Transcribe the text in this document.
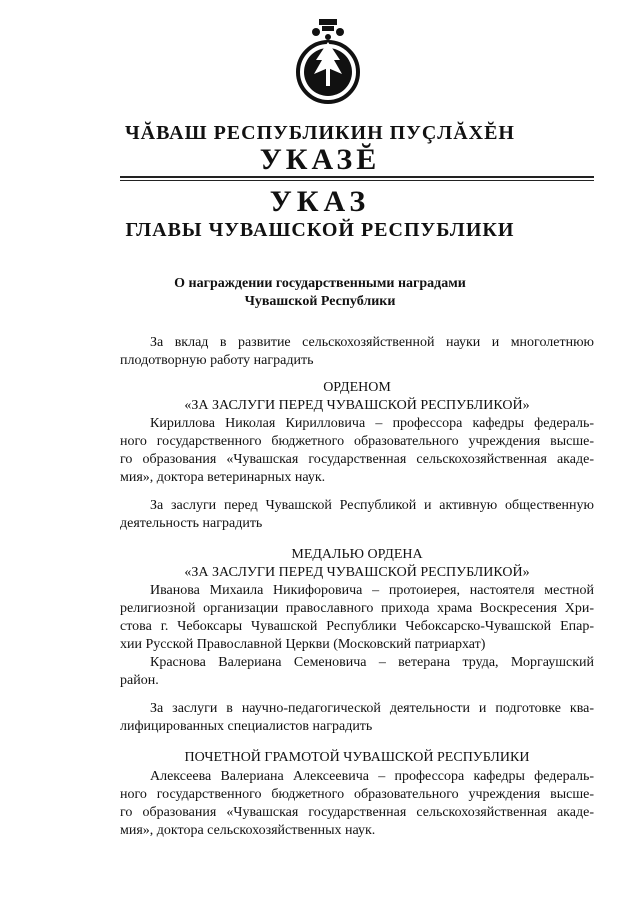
ЧĂВАШ РЕСПУБЛИКИН ПУÇЛĂХĔН
УКАЗĔ
УКАЗ
ГЛАВЫ ЧУВАШСКОЙ РЕСПУБЛИКИ
О награждении государственными наградами
Чувашской Республики
За вклад в развитие сельскохозяйственной науки и многолетнюю
плодотворную работу наградить
ОРДЕНОМ
«ЗА ЗАСЛУГИ ПЕРЕД ЧУВАШСКОЙ РЕСПУБЛИКОЙ»
Кириллова Николая Кирилловича – профессора кафедры федераль-
ного государственного бюджетного образовательного учреждения высше-
го образования «Чувашская государственная сельскохозяйственная акаде-
мия», доктора ветеринарных наук.
За заслуги перед Чувашской Республикой и активную общественную
деятельность наградить
МЕДАЛЬЮ ОРДЕНА
«ЗА ЗАСЛУГИ ПЕРЕД ЧУВАШСКОЙ РЕСПУБЛИКОЙ»
Иванова Михаила Никифоровича – протоиерея, настоятеля местной
религиозной организации православного прихода храма Воскресения Хри-
стова г. Чебоксары Чувашской Республики Чебоксарско-Чувашской Епар-
хии Русской Православной Церкви (Московский патриархат)
Краснова Валериана Семеновича – ветерана труда, Моргаушский
район.
За заслуги в научно-педагогической деятельности и подготовке ква-
лифицированных специалистов наградить
ПОЧЕТНОЙ ГРАМОТОЙ ЧУВАШСКОЙ РЕСПУБЛИКИ
Алексеева Валериана Алексеевича – профессора кафедры федераль-
ного государственного бюджетного образовательного учреждения высше-
го образования «Чувашская государственная сельскохозяйственная акаде-
мия», доктора сельскохозяйственных наук.
